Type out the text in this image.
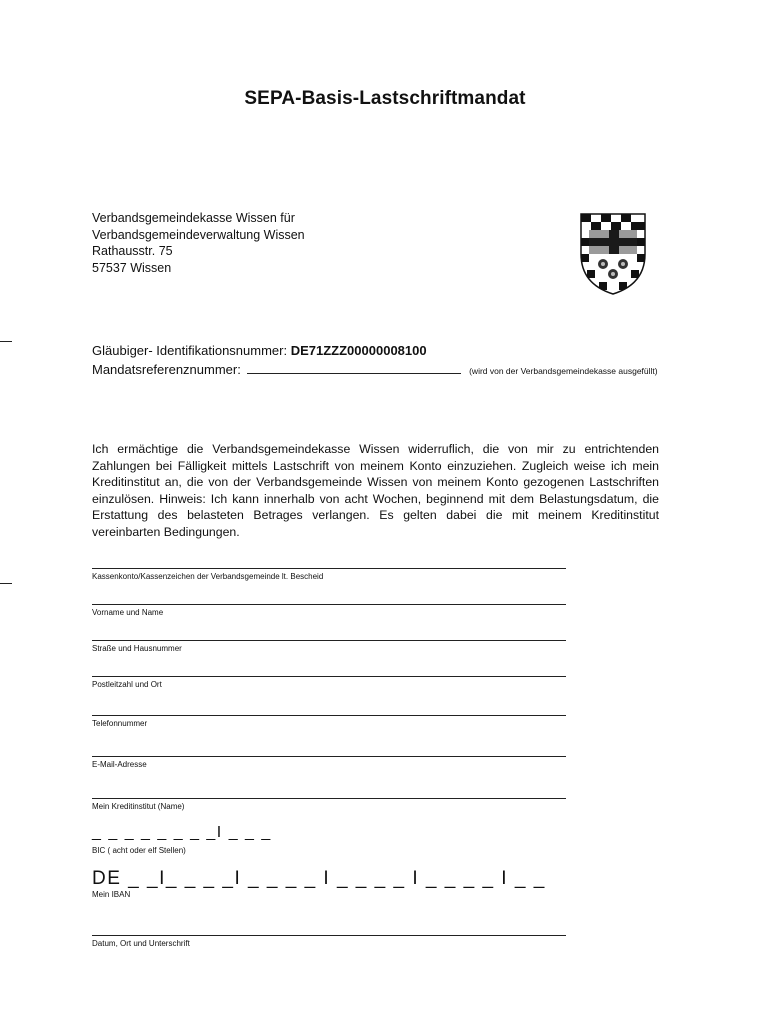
SEPA-Basis-Lastschriftmandat
Verbandsgemeindekasse Wissen für
Verbandsgemeindeverwaltung Wissen
Rathausstr. 75
57537 Wissen
Gläubiger- Identifikationsnummer: DE71ZZZ00000008100
Mandatsreferenznummer:	(wird von der Verbandsgemeindekasse ausgefüllt)
Ich ermächtige die Verbandsgemeindekasse Wissen widerruflich, die von mir zu entrichtenden Zahlungen bei Fälligkeit mittels Lastschrift von meinem Konto einzuziehen. Zugleich weise ich mein Kreditinstitut an, die von der Verbandsgemeinde Wissen von meinem Konto gezogenen Lastschriften einzulösen. Hinweis: Ich kann innerhalb von acht Wochen, beginnend mit dem Belastungsdatum, die Erstattung des belasteten Betrages verlangen. Es gelten dabei die mit meinem Kreditinstitut vereinbarten Bedingungen.
Kassenkonto/Kassenzeichen der Verbandsgemeinde lt. Bescheid
Vorname und Name
Straße und Hausnummer
Postleitzahl und Ort
Telefonnummer
E-Mail-Adresse
Mein Kreditinstitut (Name)
_ _ _ _ _ _ _ _I _ _ _
BIC ( acht oder elf Stellen)
DE _ _I_ _ _ _I _ _ _ _ I _ _ _ _ I _ _ _ _ I _ _
Mein IBAN
Datum, Ort und Unterschrift
